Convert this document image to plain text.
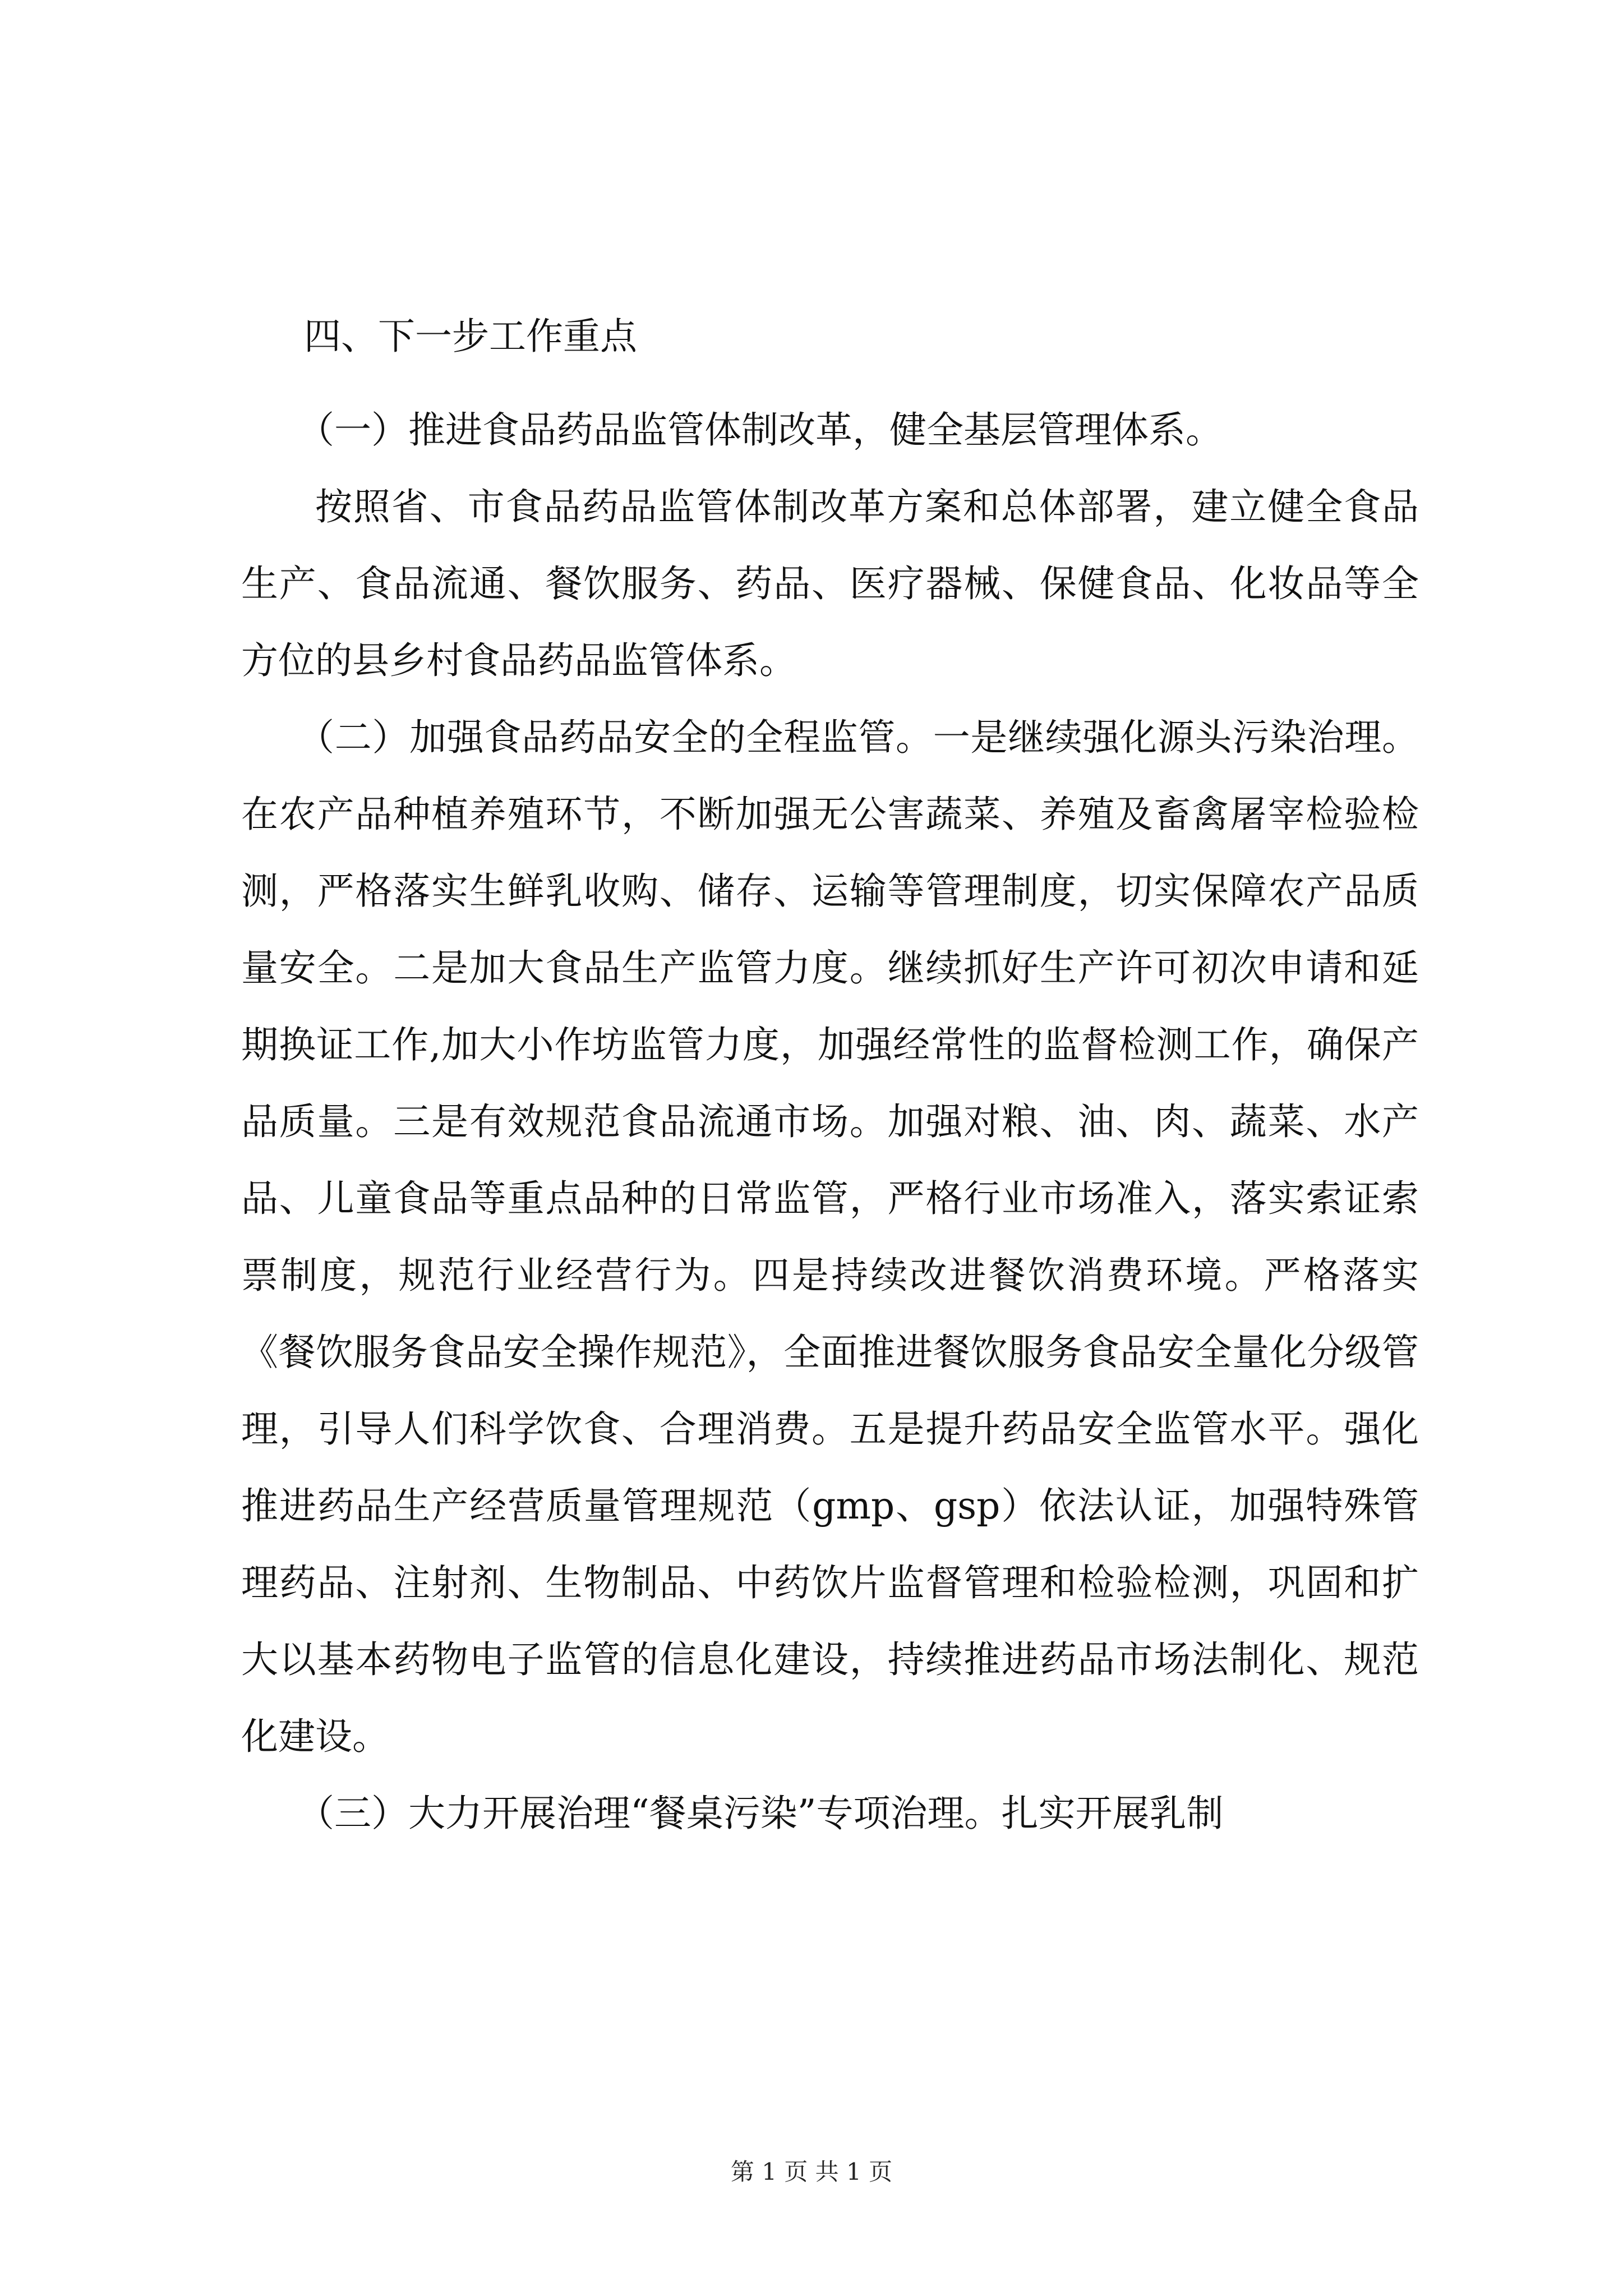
四、下一步工作重点

（一）推进食品药品监管体制改革，健全基层管理体系。

按照省、市食品药品监管体制改革方案和总体部署，建立健全食品生产、食品流通、餐饮服务、药品、医疗器械、保健食品、化妆品等全方位的县乡村食品药品监管体系。

（二）加强食品药品安全的全程监管。一是继续强化源头污染治理。在农产品种植养殖环节，不断加强无公害蔬菜、养殖及畜禽屠宰检验检测，严格落实生鲜乳收购、储存、运输等管理制度，切实保障农产品质量安全。二是加大食品生产监管力度。继续抓好生产许可初次申请和延期换证工作,加大小作坊监管力度，加强经常性的监督检测工作，确保产品质量。三是有效规范食品流通市场。加强对粮、油、肉、蔬菜、水产品、儿童食品等重点品种的日常监管，严格行业市场准入，落实索证索票制度，规范行业经营行为。四是持续改进餐饮消费环境。严格落实《餐饮服务食品安全操作规范》，全面推进餐饮服务食品安全量化分级管理，引导人们科学饮食、合理消费。五是提升药品安全监管水平。强化推进药品生产经营质量管理规范（gmp、gsp）依法认证，加强特殊管理药品、注射剂、生物制品、中药饮片监督管理和检验检测，巩固和扩大以基本药物电子监管的信息化建设，持续推进药品市场法制化、规范化建设。

（三）大力开展治理“餐桌污染”专项治理。扎实开展乳制

第 1 页 共 1 页
